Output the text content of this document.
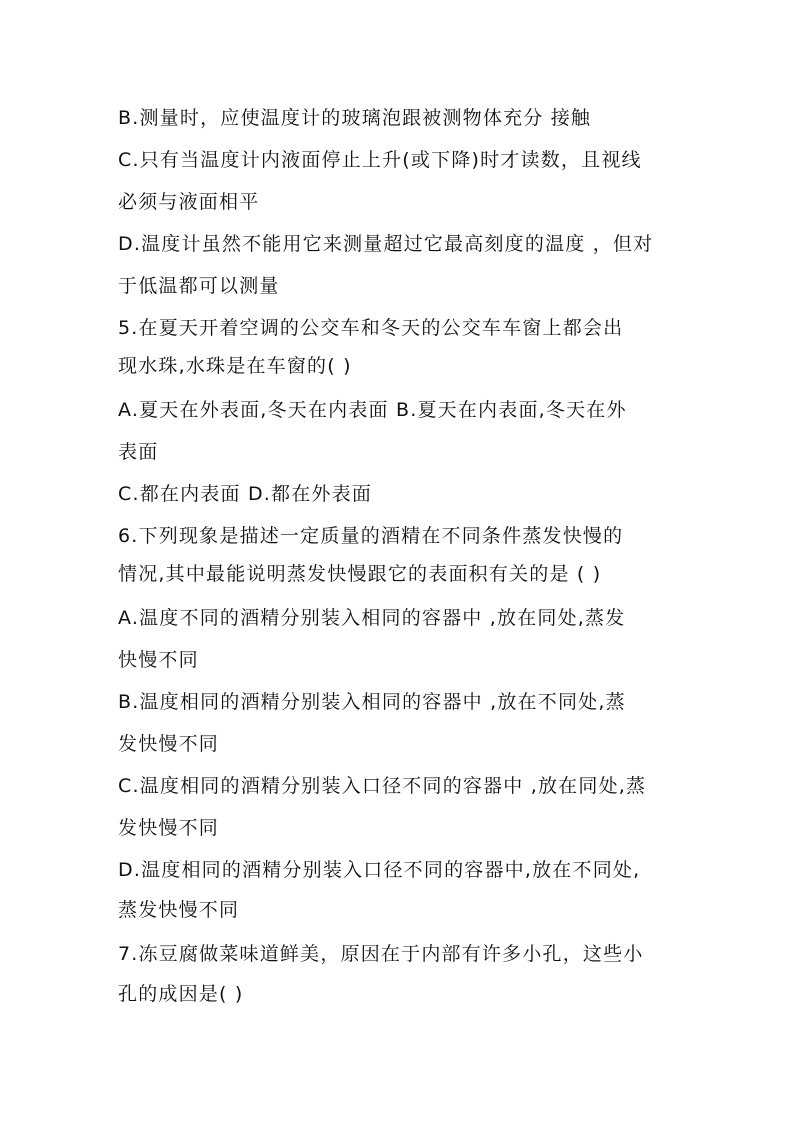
B.测量时，应使温度计的玻璃泡跟被测物体充分 接触
C.只有当温度计内液面停止上升(或下降)时才读数，且视线
必须与液面相平
D.温度计虽然不能用它来测量超过它最高刻度的温度 ，但对
于低温都可以测量
5.在夏天开着空调的公交车和冬天的公交车车窗上都会出
现水珠,水珠是在车窗的( )
A.夏天在外表面,冬天在内表面 B.夏天在内表面,冬天在外
表面
C.都在内表面 D.都在外表面
6.下列现象是描述一定质量的酒精在不同条件蒸发快慢的
情况,其中最能说明蒸发快慢跟它的表面积有关的是 ( )
A.温度不同的酒精分别装入相同的容器中 ,放在同处,蒸发
快慢不同
B.温度相同的酒精分别装入相同的容器中 ,放在不同处,蒸
发快慢不同
C.温度相同的酒精分别装入口径不同的容器中 ,放在同处,蒸
发快慢不同
D.温度相同的酒精分别装入口径不同的容器中,放在不同处,
蒸发快慢不同
7.冻豆腐做菜味道鲜美，原因在于内部有许多小孔，这些小
孔的成因是( )
